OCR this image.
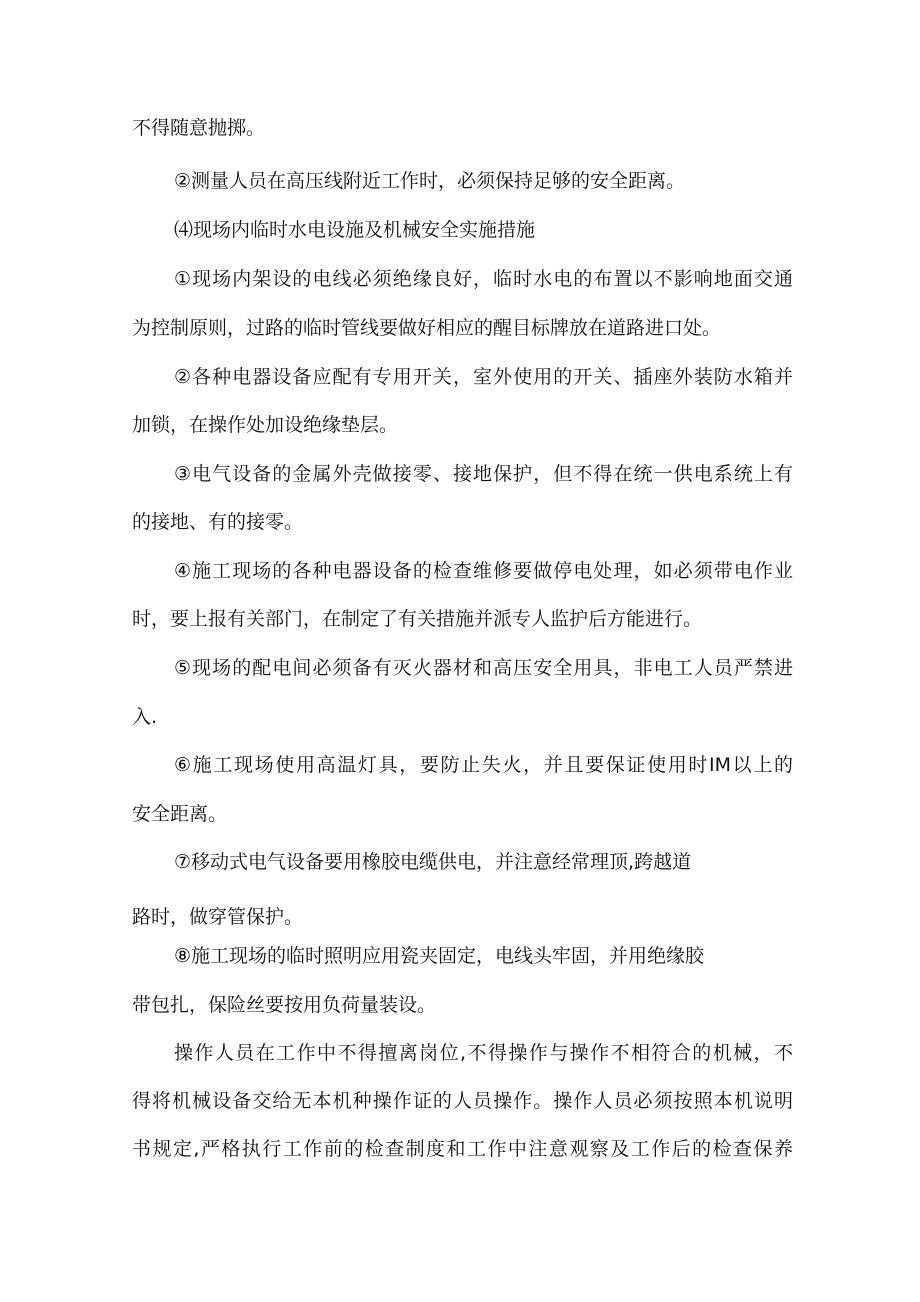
不得随意抛掷。

②测量人员在高压线附近工作时，必须保持足够的安全距离。

⑷现场内临时水电设施及机械安全实施措施

①现场内架设的电线必须绝缘良好，临时水电的布置以不影响地面交通

为控制原则，过路的临时管线要做好相应的醒目标牌放在道路进口处。

②各种电器设备应配有专用开关，室外使用的开关、插座外装防水箱并

加锁，在操作处加设绝缘垫层。

③电气设备的金属外壳做接零、接地保护，但不得在统一供电系统上有

的接地、有的接零。

④施工现场的各种电器设备的检查维修要做停电处理，如必须带电作业

时，要上报有关部门，在制定了有关措施并派专人监护后方能进行。

⑤现场的配电间必须备有灭火器材和高压安全用具，非电工人员严禁进

入.

⑥施工现场使用高温灯具，要防止失火，并且要保证使用时IM以上的

安全距离。

⑦移动式电气设备要用橡胶电缆供电，并注意经常理顶,跨越道

路时，做穿管保护。

⑧施工现场的临时照明应用瓷夹固定，电线头牢固，并用绝缘胶

带包扎，保险丝要按用负荷量装设。

操作人员在工作中不得擅离岗位,不得操作与操作不相符合的机械，不

得将机械设备交给无本机种操作证的人员操作。操作人员必须按照本机说明

书规定,严格执行工作前的检查制度和工作中注意观察及工作后的检查保养
